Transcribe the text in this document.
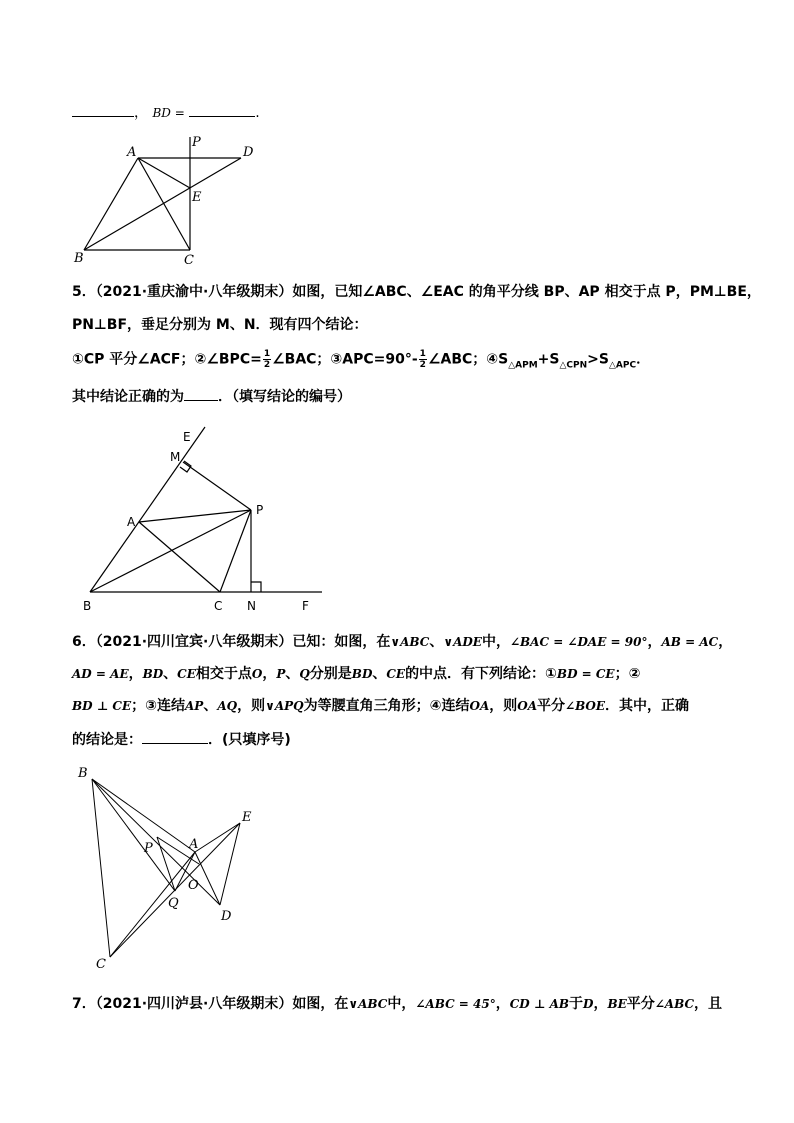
， BD =	.
A
P
D
E
B	C
5．（2021·重庆渝中·八年级期末）如图，已知∠ABC、∠EAC 的角平分线 BP、AP 相交于点 P，PM⊥BE，
PN⊥BF，垂足分别为 M、N．现有四个结论：
①CP 平分∠ACF；②∠BPC= $\frac{1}{2}$ ∠BAC；③APC=90°- $\frac{1}{2}$ ∠ABC；$④S_{\triangle APM}+S_{\triangle CPN}>S_{\triangle APC}$．
其中结论正确的为 ．（填写结论的编号）
E
M
P
A
B	C N	F
6．（2021·四川宜宾·八年级期末）已知：如图，在∨ABC、∨ADE中，∠BAC = ∠DAE = 90°，AB = AC，
AD = AE，BD、CE相交于点O，P、Q分别是BD、CE的中点．有下列结论：①BD = CE；②
BD ⊥ CE；③连结AP、AQ，则∨APQ为等腰直角三角形；④连结OA，则OA平分∠BOE．其中，正确
的结论是：	．(只填序号)
B
P	A
E
O
Q
D
C
7．（2021·四川泸县·八年级期末）如图，在∨ABC中，∠ABC = 45°，CD ⊥ AB于D，BE平分∠ABC，且
